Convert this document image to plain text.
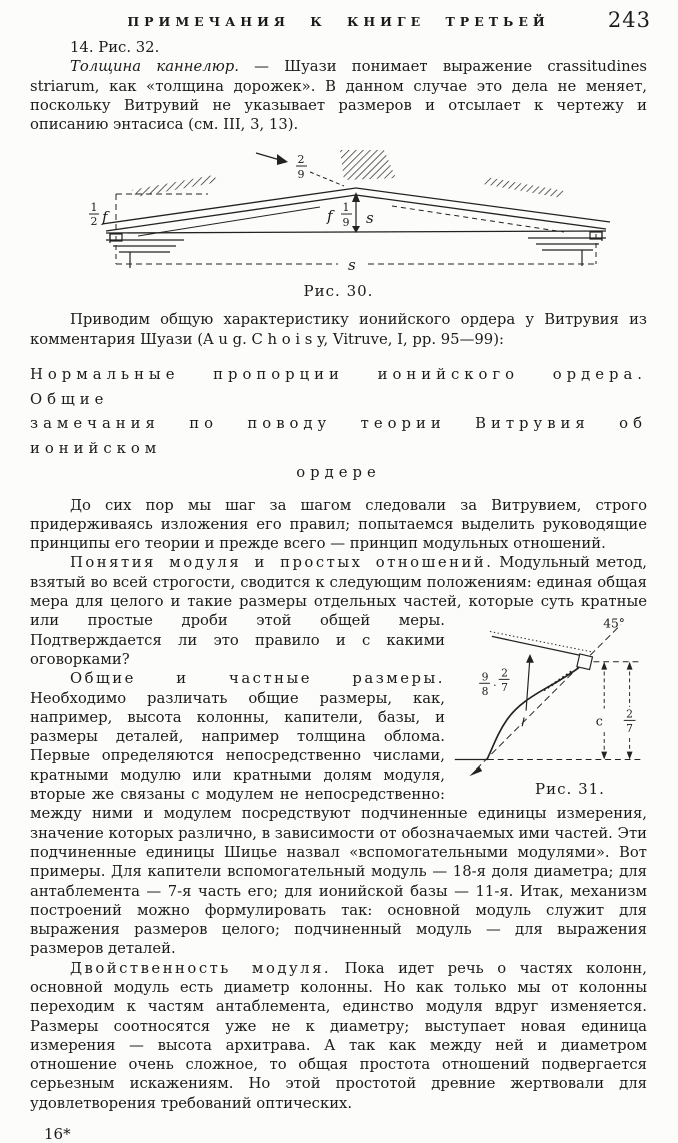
ПРИМЕЧАНИЯ К КНИГЕ ТРЕТЬЕЙ	243

14. Рис. 32.

Толщина каннелюр. — Шуази понимает выражение crassitudines striarum, как «толщина дорожек». В данном случае это дела не меняет, поскольку Витрувий не указывает размеров и отсылает к чертежу и описанию энтасиса (см. III, 3, 13).

1
2 f
s
f 1
9 s
2
9
Рис. 30.

Приводим общую характеристику ионийского ордера у Витрувия из комментария Шуази (A u g. C h o i s y, Vitruve, I, pp. 95—99):

Нормальные пропорции ионийского ордера. Общие
замечания по поводу теории Витрувия об ионийском
ордере

До сих пор мы шаг за шагом следовали за Витрувием, строго придерживаясь изложения его правил; попытаемся выделить руководящие принципы его теории и прежде всего — принцип модульных отношений.

Понятия модуля и простых отношений. Модульный метод, взятый во всей строгости, сводится к следующим положениям: единая общая мера для целого и такие размеры отдельных частей, которые суть кратные или простые	45°
9
8 ·
2
7
c 2
7
Рис. 31.
дроби этой общей меры. Подтверждается ли это правило и с какими оговорками?

Общие и частные размеры. Необходимо различать общие размеры, как, например, высота колонны, капители, базы, и размеры деталей, например толщина облома. Первые определяются непосредственно числами, кратными модулю или кратными долям модуля, вторые же связаны с модулем не непосредственно: между ними и модулем посредствуют подчиненные единицы измерения, значение которых различно, в зависимости от обозначаемых ими частей. Эти подчиненные единицы Шицье назвал «вспомогательными модулями». Вот примеры. Для капители вспомогательный модуль — 18-я доля диаметра; для антаблемента — 7-я часть его; для ионийской базы — 11-я. Итак, механизм построений можно формулировать так: основной модуль служит для выражения размеров целого; подчиненный модуль — для выражения размеров деталей.

Двойственность модуля. Пока идет речь о частях колонн, основной модуль есть диаметр колонны. Но как только мы от колонны переходим к частям антаблемента, единство модуля вдруг изменяется. Размеры соотносятся уже не к диаметру; выступает новая единица измерения — высота архитрава. А так как между ней и диаметром отношение очень сложное, то общая простота отношений подвергается серьезным искажениям. Но этой простотой древние жертвовали для удовлетворения требований оптических.

16*
